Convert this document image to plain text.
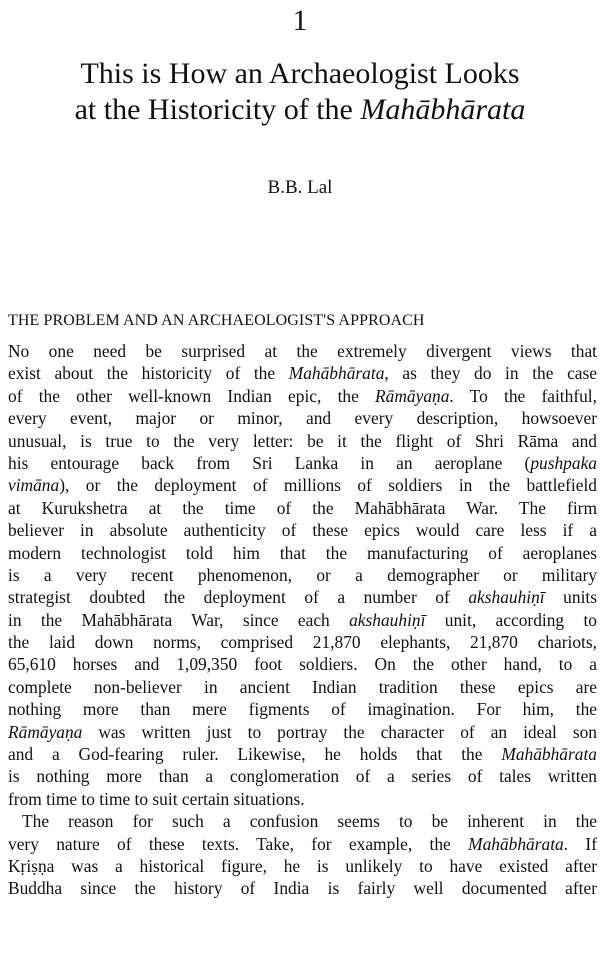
1
This is How an Archaeologist Looks
at the Historicity of the Mahābhārata
B.B. Lal
THE PROBLEM AND AN ARCHAEOLOGIST'S APPROACH
No one need be surprised at the extremely divergent views that
exist about the historicity of the Mahābhārata, as they do in the case
of the other well-known Indian epic, the Rāmāyaṇa. To the faithful,
every event, major or minor, and every description, howsoever
unusual, is true to the very letter: be it the flight of Shri Rāma and
his entourage back from Sri Lanka in an aeroplane (pushpaka
vimāna), or the deployment of millions of soldiers in the battlefield
at Kurukshetra at the time of the Mahābhārata War. The firm
believer in absolute authenticity of these epics would care less if a
modern technologist told him that the manufacturing of aeroplanes
is a very recent phenomenon, or a demographer or military
strategist doubted the deployment of a number of akshauhiṇī units
in the Mahābhārata War, since each akshauhiṇī unit, according to
the laid down norms, comprised 21,870 elephants, 21,870 chariots,
65,610 horses and 1,09,350 foot soldiers. On the other hand, to a
complete non-believer in ancient Indian tradition these epics are
nothing more than mere figments of imagination. For him, the
Rāmāyaṇa was written just to portray the character of an ideal son
and a God-fearing ruler. Likewise, he holds that the Mahābhārata
is nothing more than a conglomeration of a series of tales written
from time to time to suit certain situations.
The reason for such a confusion seems to be inherent in the
very nature of these texts. Take, for example, the Mahābhārata. If
Kṛiṣṇa was a historical figure, he is unlikely to have existed after
Buddha since the history of India is fairly well documented after
